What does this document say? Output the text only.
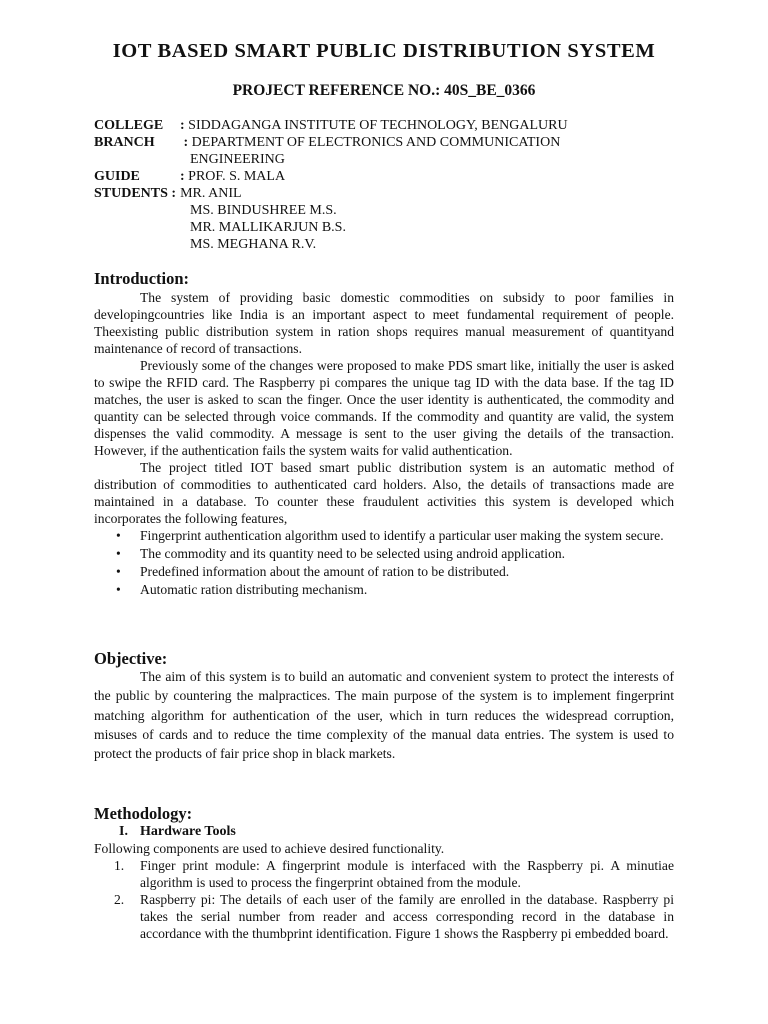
IOT BASED SMART PUBLIC DISTRIBUTION SYSTEM
PROJECT REFERENCE NO.: 40S_BE_0366
COLLEGE	: SIDDAGANGA INSTITUTE OF TECHNOLOGY, BENGALURU
BRANCH	: DEPARTMENT OF ELECTRONICS AND COMMUNICATION
ENGINEERING
GUIDE	: PROF. S. MALA
STUDENTS : MR. ANIL
MS. BINDUSHREE M.S.
MR. MALLIKARJUN B.S.
MS. MEGHANA R.V.
Introduction:

The system of providing basic domestic commodities on subsidy to poor families in developingcountries like India is an important aspect to meet fundamental requirement of people. Theexisting public distribution system in ration shops requires manual measurement of quantityand maintenance of record of transactions.

Previously some of the changes were proposed to make PDS smart like, initially the user is asked to swipe the RFID card. The Raspberry pi compares the unique tag ID with the data base. If the tag ID matches, the user is asked to scan the finger. Once the user identity is authenticated, the commodity and quantity can be selected through voice commands. If the commodity and quantity are valid, the system dispenses the valid commodity. A message is sent to the user giving the details of the transaction. However, if the authentication fails the system waits for valid authentication.

The project titled IOT based smart public distribution system is an automatic method of distribution of commodities to authenticated card holders. Also, the details of transactions made are maintained in a database. To counter these fraudulent activities this system is developed which incorporates the following features,

• Fingerprint authentication algorithm used to identify a particular user making the system secure.
• The commodity and its quantity need to be selected using android application.
• Predefined information about the amount of ration to be distributed.
• Automatic ration distributing mechanism.
Objective:

The aim of this system is to build an automatic and convenient system to protect the interests of the public by countering the malpractices. The main purpose of the system is to implement fingerprint matching algorithm for authentication of the user, which in turn reduces the widespread corruption, misuses of cards and to reduce the time complexity of the manual data entries. The system is used to protect the products of fair price shop in black markets.

Methodology:
I. Hardware Tools

Following components are used to achieve desired functionality.

1. Finger print module: A fingerprint module is interfaced with the Raspberry pi. A minutiae algorithm is used to process the fingerprint obtained from the module.
2. Raspberry pi: The details of each user of the family are enrolled in the database. Raspberry pi takes the serial number from reader and access corresponding record in the database in accordance with the thumbprint identification. Figure 1 shows the Raspberry pi embedded board.
